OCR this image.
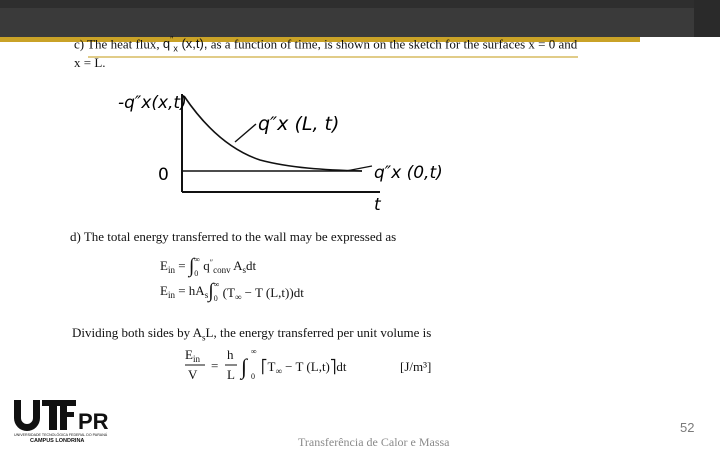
c) The heat flux, $q''_x$ (x,t), as a function of time, is shown on the sketch for the surfaces x = 0 and
x = L.
-q″x(x,t)
q″x (L, t)
q″x (0,t)
0
t
d) The total energy transferred to the wall may be expressed as
$E_{in} = \int_0\infty$ $q''_{conv}$ $A_sdt$
$E_{in} = hA_s\int_0\infty$ ($T_\infty - T$ (L,t))dt
Dividing both sides by $A_sL$, the energy transferred per unit volume is
$E_{in}$
V
=
h
L ∫
∞
0
$⎡T_\infty - T$ (L,t)⎤dt	[J/m³]
PR
UNIVERSIDADE TECNOLÓGICA FEDERAL DO PARANÁ
CAMPUS LONDRINA	Transferência de Calor e Massa
52
